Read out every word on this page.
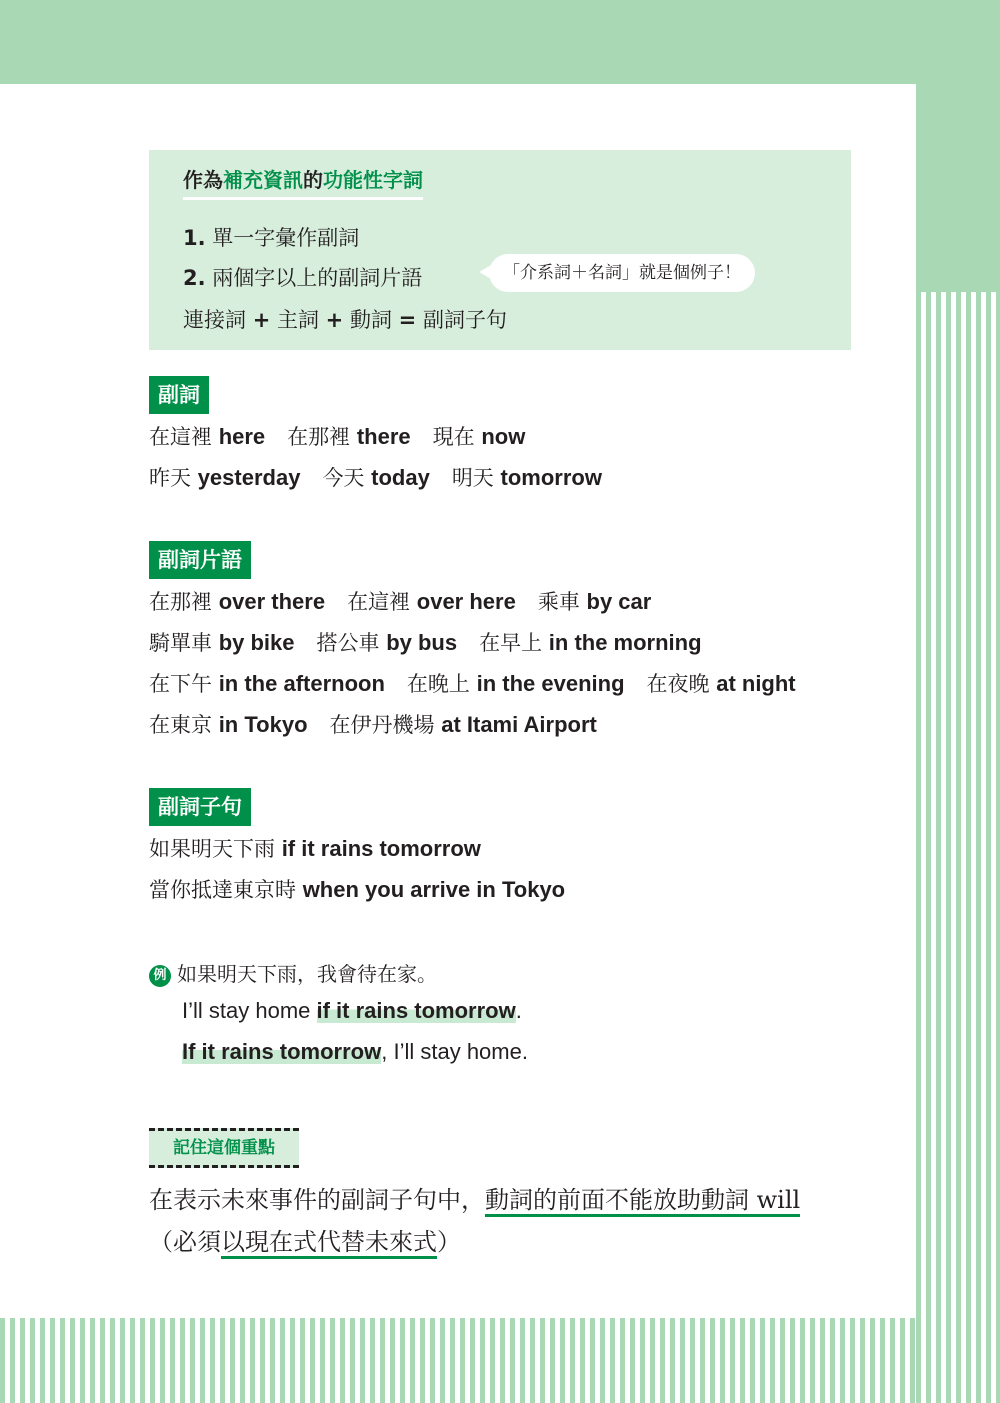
作為補充資訊的功能性字詞
1. 單一字彙作副詞
2. 兩個字以上的副詞片語	「介系詞＋名詞」就是個例子！
連接詞 + 主詞 + 動詞 = 副詞子句
副詞
在這裡 here 在那裡 there 現在 now
昨天 yesterday 今天 today 明天 tomorrow
副詞片語
在那裡 over there 在這裡 over here 乘車 by car
騎單車 by bike 搭公車 by bus 在早上 in the morning
在下午 in the afternoon 在晚上 in the evening 在夜晚 at night
在東京 in Tokyo 在伊丹機場 at Itami Airport
副詞子句
如果明天下雨 if it rains tomorrow
當你抵達東京時 when you arrive in Tokyo
例 如果明天下雨，我會待在家。
I’ll stay home if it rains tomorrow.
If it rains tomorrow, I’ll stay home.
記住這個重點
在表示未來事件的副詞子句中，動詞的前面不能放助動詞 will
（必須以現在式代替未來式）
